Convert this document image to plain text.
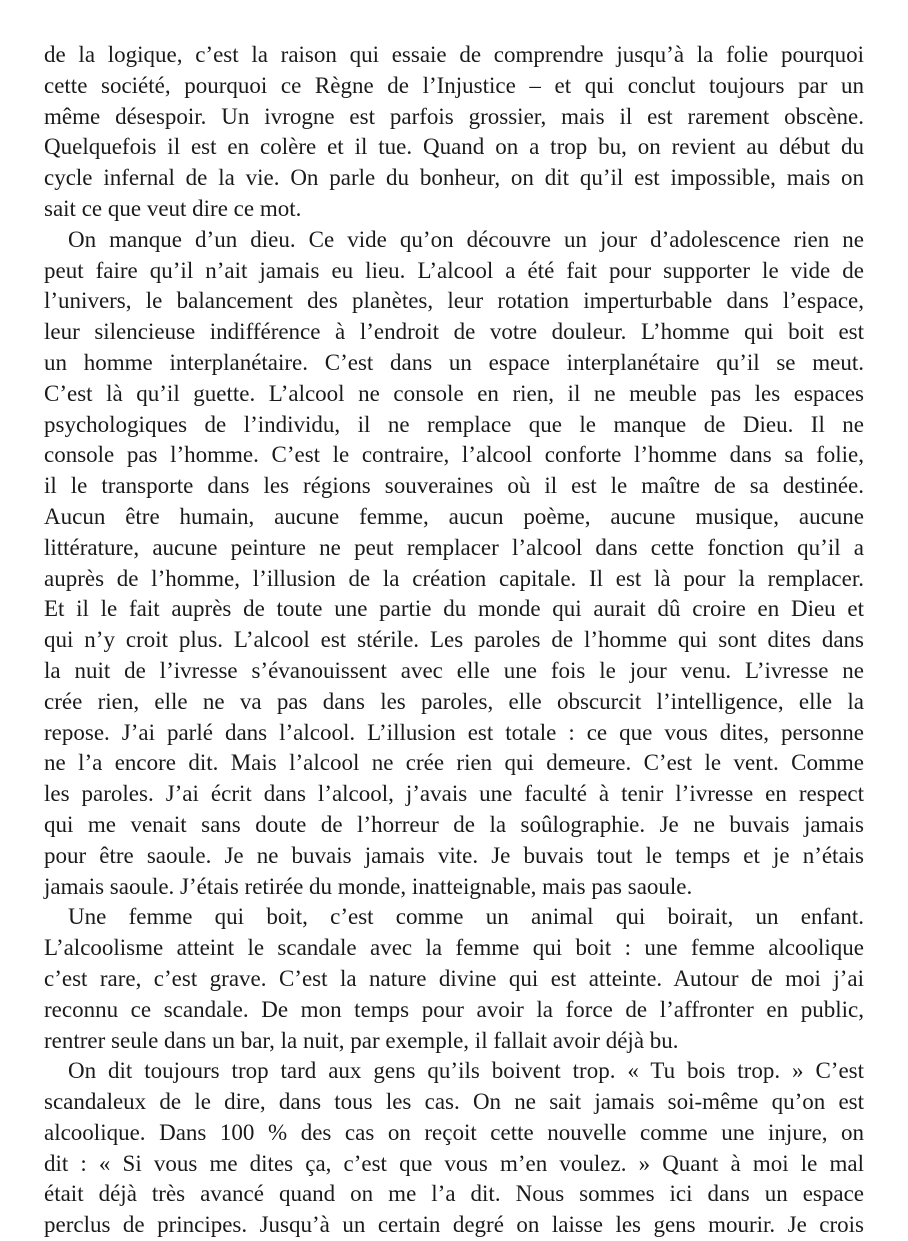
de la logique, c’est la raison qui essaie de comprendre jusqu’à la folie pourquoi
cette société, pourquoi ce Règne de l’Injustice – et qui conclut toujours par un
même désespoir. Un ivrogne est parfois grossier, mais il est rarement obscène.
Quelquefois il est en colère et il tue. Quand on a trop bu, on revient au début du
cycle infernal de la vie. On parle du bonheur, on dit qu’il est impossible, mais on
sait ce que veut dire ce mot.
On manque d’un dieu. Ce vide qu’on découvre un jour d’adolescence rien ne
peut faire qu’il n’ait jamais eu lieu. L’alcool a été fait pour supporter le vide de
l’univers, le balancement des planètes, leur rotation imperturbable dans l’espace,
leur silencieuse indifférence à l’endroit de votre douleur. L’homme qui boit est
un homme interplanétaire. C’est dans un espace interplanétaire qu’il se meut.
C’est là qu’il guette. L’alcool ne console en rien, il ne meuble pas les espaces
psychologiques de l’individu, il ne remplace que le manque de Dieu. Il ne
console pas l’homme. C’est le contraire, l’alcool conforte l’homme dans sa folie,
il le transporte dans les régions souveraines où il est le maître de sa destinée.
Aucun être humain, aucune femme, aucun poème, aucune musique, aucune
littérature, aucune peinture ne peut remplacer l’alcool dans cette fonction qu’il a
auprès de l’homme, l’illusion de la création capitale. Il est là pour la remplacer.
Et il le fait auprès de toute une partie du monde qui aurait dû croire en Dieu et
qui n’y croit plus. L’alcool est stérile. Les paroles de l’homme qui sont dites dans
la nuit de l’ivresse s’évanouissent avec elle une fois le jour venu. L’ivresse ne
crée rien, elle ne va pas dans les paroles, elle obscurcit l’intelligence, elle la
repose. J’ai parlé dans l’alcool. L’illusion est totale : ce que vous dites, personne
ne l’a encore dit. Mais l’alcool ne crée rien qui demeure. C’est le vent. Comme
les paroles. J’ai écrit dans l’alcool, j’avais une faculté à tenir l’ivresse en respect
qui me venait sans doute de l’horreur de la soûlographie. Je ne buvais jamais
pour être saoule. Je ne buvais jamais vite. Je buvais tout le temps et je n’étais
jamais saoule. J’étais retirée du monde, inatteignable, mais pas saoule.
Une femme qui boit, c’est comme un animal qui boirait, un enfant.
L’alcoolisme atteint le scandale avec la femme qui boit : une femme alcoolique
c’est rare, c’est grave. C’est la nature divine qui est atteinte. Autour de moi j’ai
reconnu ce scandale. De mon temps pour avoir la force de l’affronter en public,
rentrer seule dans un bar, la nuit, par exemple, il fallait avoir déjà bu.
On dit toujours trop tard aux gens qu’ils boivent trop. « Tu bois trop. » C’est
scandaleux de le dire, dans tous les cas. On ne sait jamais soi-même qu’on est
alcoolique. Dans 100 % des cas on reçoit cette nouvelle comme une injure, on
dit : « Si vous me dites ça, c’est que vous m’en voulez. » Quant à moi le mal
était déjà très avancé quand on me l’a dit. Nous sommes ici dans un espace
perclus de principes. Jusqu’à un certain degré on laisse les gens mourir. Je crois
